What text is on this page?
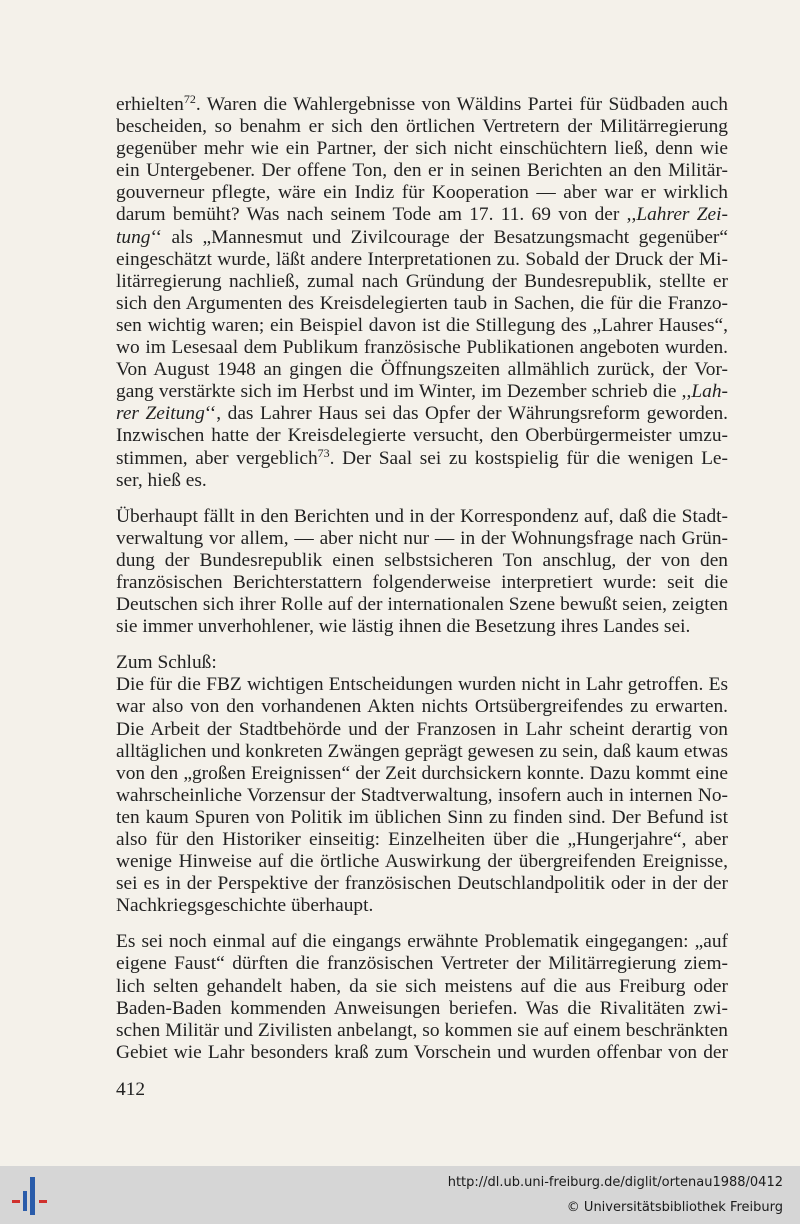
erhielten$^{72}$. Waren die Wahlergebnisse von Wäldins Partei für Südbaden auch
bescheiden, so benahm er sich den örtlichen Vertretern der Militärregierung
gegenüber mehr wie ein Partner, der sich nicht einschüchtern ließ, denn wie
ein Untergebener. Der offene Ton, den er in seinen Berichten an den Militär-
gouverneur pflegte, wäre ein Indiz für Kooperation — aber war er wirklich
darum bemüht? Was nach seinem Tode am 17. 11. 69 von der ,,Lahrer Zei-
tung‘‘ als „Mannesmut und Zivilcourage der Besatzungsmacht gegenüber“
eingeschätzt wurde, läßt andere Interpretationen zu. Sobald der Druck der Mi-
litärregierung nachließ, zumal nach Gründung der Bundesrepublik, stellte er
sich den Argumenten des Kreisdelegierten taub in Sachen, die für die Franzo-
sen wichtig waren; ein Beispiel davon ist die Stillegung des „Lahrer Hauses“,
wo im Lesesaal dem Publikum französische Publikationen angeboten wurden.
Von August 1948 an gingen die Öffnungszeiten allmählich zurück, der Vor-
gang verstärkte sich im Herbst und im Winter, im Dezember schrieb die ,,Lah-
rer Zeitung‘‘, das Lahrer Haus sei das Opfer der Währungsreform geworden.
Inzwischen hatte der Kreisdelegierte versucht, den Oberbürgermeister umzu-
stimmen, aber vergeblich$^{73}$. Der Saal sei zu kostspielig für die wenigen Le-
ser, hieß es.
Überhaupt fällt in den Berichten und in der Korrespondenz auf, daß die Stadt-
verwaltung vor allem, — aber nicht nur — in der Wohnungsfrage nach Grün-
dung der Bundesrepublik einen selbstsicheren Ton anschlug, der von den
französischen Berichterstattern folgenderweise interpretiert wurde: seit die
Deutschen sich ihrer Rolle auf der internationalen Szene bewußt seien, zeigten
sie immer unverhohlener, wie lästig ihnen die Besetzung ihres Landes sei.
Zum Schluß:
Die für die FBZ wichtigen Entscheidungen wurden nicht in Lahr getroffen. Es
war also von den vorhandenen Akten nichts Ortsübergreifendes zu erwarten.
Die Arbeit der Stadtbehörde und der Franzosen in Lahr scheint derartig von
alltäglichen und konkreten Zwängen geprägt gewesen zu sein, daß kaum etwas
von den „großen Ereignissen“ der Zeit durchsickern konnte. Dazu kommt eine
wahrscheinliche Vorzensur der Stadtverwaltung, insofern auch in internen No-
ten kaum Spuren von Politik im üblichen Sinn zu finden sind. Der Befund ist
also für den Historiker einseitig: Einzelheiten über die „Hungerjahre“, aber
wenige Hinweise auf die örtliche Auswirkung der übergreifenden Ereignisse,
sei es in der Perspektive der französischen Deutschlandpolitik oder in der der
Nachkriegsgeschichte überhaupt.
Es sei noch einmal auf die eingangs erwähnte Problematik eingegangen: „auf
eigene Faust“ dürften die französischen Vertreter der Militärregierung ziem-
lich selten gehandelt haben, da sie sich meistens auf die aus Freiburg oder
Baden-Baden kommenden Anweisungen beriefen. Was die Rivalitäten zwi-
schen Militär und Zivilisten anbelangt, so kommen sie auf einem beschränkten
Gebiet wie Lahr besonders kraß zum Vorschein und wurden offenbar von der
412
http://dl.ub.uni-freiburg.de/diglit/ortenau1988/0412
© Universitätsbibliothek Freiburg
